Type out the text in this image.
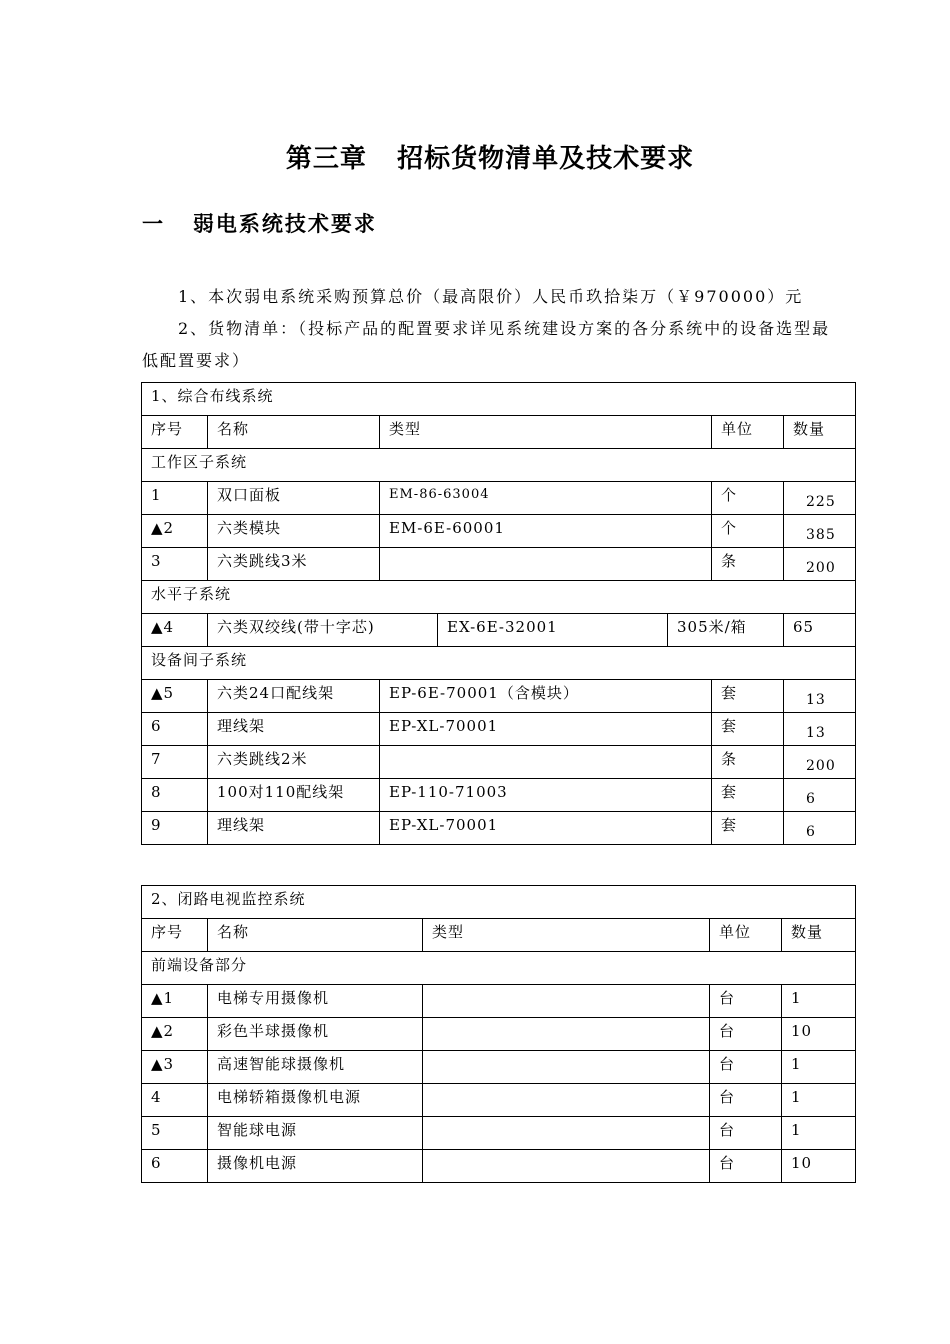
第三章   招标货物清单及技术要求
一   弱电系统技术要求
1、本次弱电系统采购预算总价（最高限价）人民币玖拾柒万（￥970000）元
2、货物清单：（投标产品的配置要求详见系统建设方案的各分系统中的设备选型最低配置要求）
1、综合布线系统						
序号	名称	类型			单位	数量
工作区子系统						
1	双口面板	EM-86-63004			个	225
▲2	六类模块	EM-6E-60001			个	385
3	六类跳线3米				条	200
水平子系统						
▲4	六类双绞线(带十字芯)		EX-6E-32001	305米/箱		65
设备间子系统						
▲5	六类24口配线架	EP-6E-70001（含模块）			套	13
6	理线架	EP-XL-70001			套	13
7	六类跳线2米				条	200
8	100对110配线架	EP-110-71003			套	6
9	理线架	EP-XL-70001			套	6
2、闭路电视监控系统				
序号	名称	类型	单位	数量
前端设备部分				
▲1	电梯专用摄像机		台	1
▲2	彩色半球摄像机		台	10
▲3	高速智能球摄像机		台	1
4	电梯轿箱摄像机电源		台	1
5	智能球电源		台	1
6	摄像机电源		台	10
